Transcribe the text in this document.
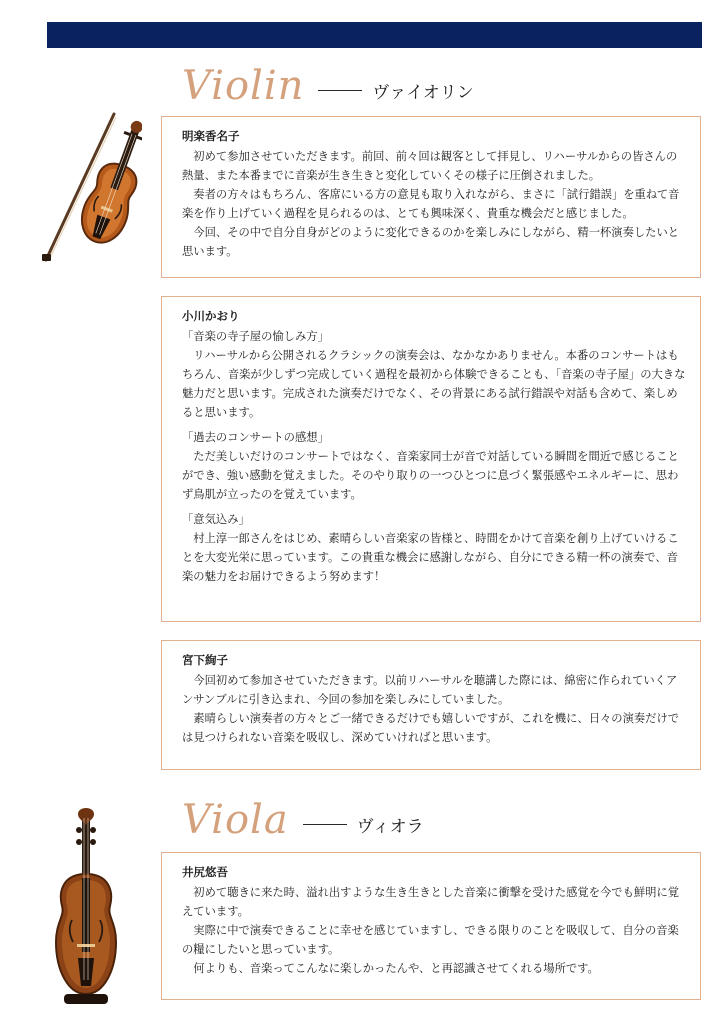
PICK UP !   NEW MEMBER

Violin	ヴァイオリン
明楽香名子

初めて参加させていただきます。前回、前々回は観客として拝見し、リハーサルからの皆さんの熱量、また本番までに音楽が生き生きと変化していくその様子に圧倒されました。

奏者の方々はもちろん、客席にいる方の意見も取り入れながら、まさに「試行錯誤」を重ねて音楽を作り上げていく過程を見られるのは、とても興味深く、貴重な機会だと感じました。

今回、その中で自分自身がどのように変化できるのかを楽しみにしながら、精一杯演奏したいと思います。

小川かおり
「音楽の寺子屋の愉しみ方」

リハーサルから公開されるクラシックの演奏会は、なかなかありません。本番のコンサートはもちろん、音楽が少しずつ完成していく過程を最初から体験できることも、「音楽の寺子屋」の大きな魅力だと思います。完成された演奏だけでなく、その背景にある試行錯誤や対話も含めて、楽しめると思います。

「過去のコンサートの感想」

ただ美しいだけのコンサートではなく、音楽家同士が音で対話している瞬間を間近で感じることができ、強い感動を覚えました。そのやり取りの一つひとつに息づく緊張感やエネルギーに、思わず鳥肌が立ったのを覚えています。

「意気込み」

村上淳一郎さんをはじめ、素晴らしい音楽家の皆様と、時間をかけて音楽を創り上げていけることを大変光栄に思っています。この貴重な機会に感謝しながら、自分にできる精一杯の演奏で、音楽の魅力をお届けできるよう努めます！

宮下絢子

今回初めて参加させていただきます。以前リハーサルを聴講した際には、綿密に作られていくアンサンブルに引き込まれ、今回の参加を楽しみにしていました。

素晴らしい演奏者の方々とご一緒できるだけでも嬉しいですが、これを機に、日々の演奏だけでは見つけられない音楽を吸収し、深めていければと思います。

Viola	ヴィオラ
井尻悠吾

初めて聴きに来た時、溢れ出すような生き生きとした音楽に衝撃を受けた感覚を今でも鮮明に覚えています。

実際に中で演奏できることに幸せを感じていますし、できる限りのことを吸収して、自分の音楽の糧にしたいと思っています。

何よりも、音楽ってこんなに楽しかったんや、と再認識させてくれる場所です。
